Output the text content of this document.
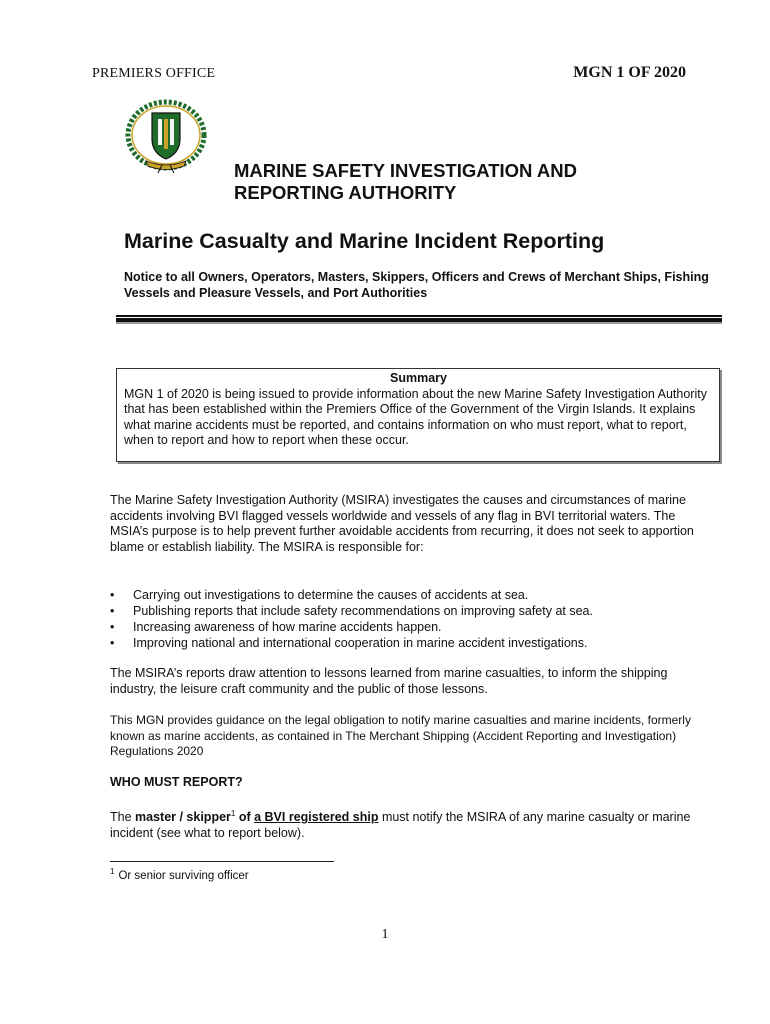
PREMIERS OFFICE	MGN 1 OF 2020
MARINE SAFETY INVESTIGATION AND
REPORTING AUTHORITY
Marine Casualty and Marine Incident Reporting

Notice to all Owners, Operators, Masters, Skippers, Officers and Crews of Merchant Ships, Fishing Vessels and Pleasure Vessels, and Port Authorities

Summary
MGN 1 of 2020 is being issued to provide information about the new Marine Safety Investigation Authority that has been established within the Premiers Office of the Government of the Virgin Islands. It explains what marine accidents must be reported, and contains information on who must report, what to report, when to report and how to report when these occur.

The Marine Safety Investigation Authority (MSIRA) investigates the causes and circumstances of marine accidents involving BVI flagged vessels worldwide and vessels of any flag in BVI territorial waters. The MSIA’s purpose is to help prevent further avoidable accidents from recurring, it does not seek to apportion blame or establish liability. The MSIRA is responsible for:

• Carrying out investigations to determine the causes of accidents at sea.
• Publishing reports that include safety recommendations on improving safety at sea.
• Increasing awareness of how marine accidents happen.
• Improving national and international cooperation in marine accident investigations.

The MSIRA’s reports draw attention to lessons learned from marine casualties, to inform the shipping industry, the leisure craft community and the public of those lessons.

This MGN provides guidance on the legal obligation to notify marine casualties and marine incidents, formerly known as marine accidents, as contained in The Merchant Shipping (Accident Reporting and Investigation) Regulations 2020

WHO MUST REPORT?

The master / skipper$^1$ of a BVI registered ship must notify the MSIRA of any marine casualty or marine incident (see what to report below).

$^1$ Or senior surviving officer

1
